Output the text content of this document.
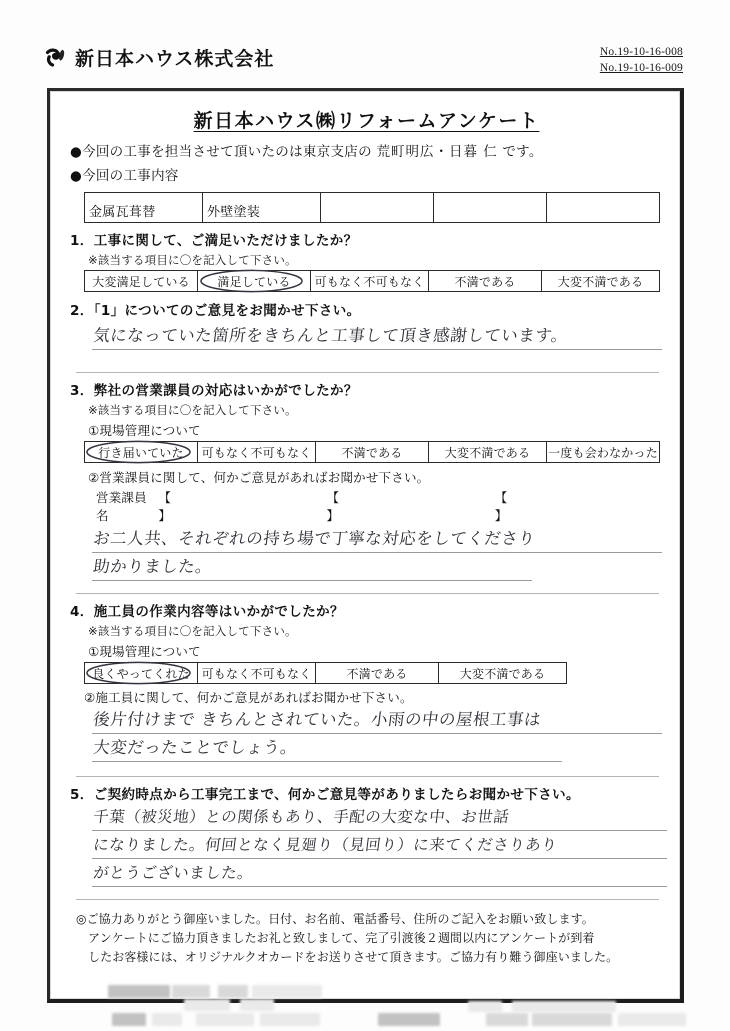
新日本ハウス株式会社	No.19-10-16-008
No.19-10-16-009
新日本ハウス㈱リフォームアンケート
●今回の工事を担当させて頂いたのは東京支店の 荒町明広・日暮 仁 です。
●今回の工事内容
金属瓦葺替	外壁塗装			
1．工事に関して、ご満足いただけましたか？
※該当する項目に〇を記入して下さい。
大変満足している	満足している	可もなく不可もなく	不満である	大変不満である
2．「1」についてのご意見をお聞かせ下さい。
気になっていた箇所をきちんと工事して頂き感謝しています。
3．弊社の営業課員の対応はいかがでしたか？
※該当する項目に〇を記入して下さい。
①現場管理について
行き届いていた	可もなく不可もなく	不満である	大変不満である	一度も会わなかった
②営業課員に関して、何かご意見があればお聞かせ下さい。
営業課員名
【】
【】
【】
お二人共、それぞれの持ち場で丁寧な対応をしてくださり
助かりました。
4．施工員の作業内容等はいかがでしたか？
※該当する項目に〇を記入して下さい。
①現場管理について
良くやってくれた	可もなく不可もなく	不満である	大変不満である
②施工員に関して、何かご意見があればお聞かせ下さい。
後片付けまで きちんとされていた。小雨の中の屋根工事は
大変だったことでしょう。
5．ご契約時点から工事完工まで、何かご意見等がありましたらお聞かせ下さい。
千葉（被災地）との関係もあり、手配の大変な中、お世話
になりました。何回となく見廻り（見回り）に来てくださりあり
がとうございました。
◎ご協力ありがとう御座いました。日付、お名前、電話番号、住所のご記入をお願い致します。
アンケートにご協力頂きましたお礼と致しまして、完了引渡後２週間以内にアンケートが到着
したお客様には、オリジナルクオカードをお送りさせて頂きます。ご協力有り難う御座いました。
